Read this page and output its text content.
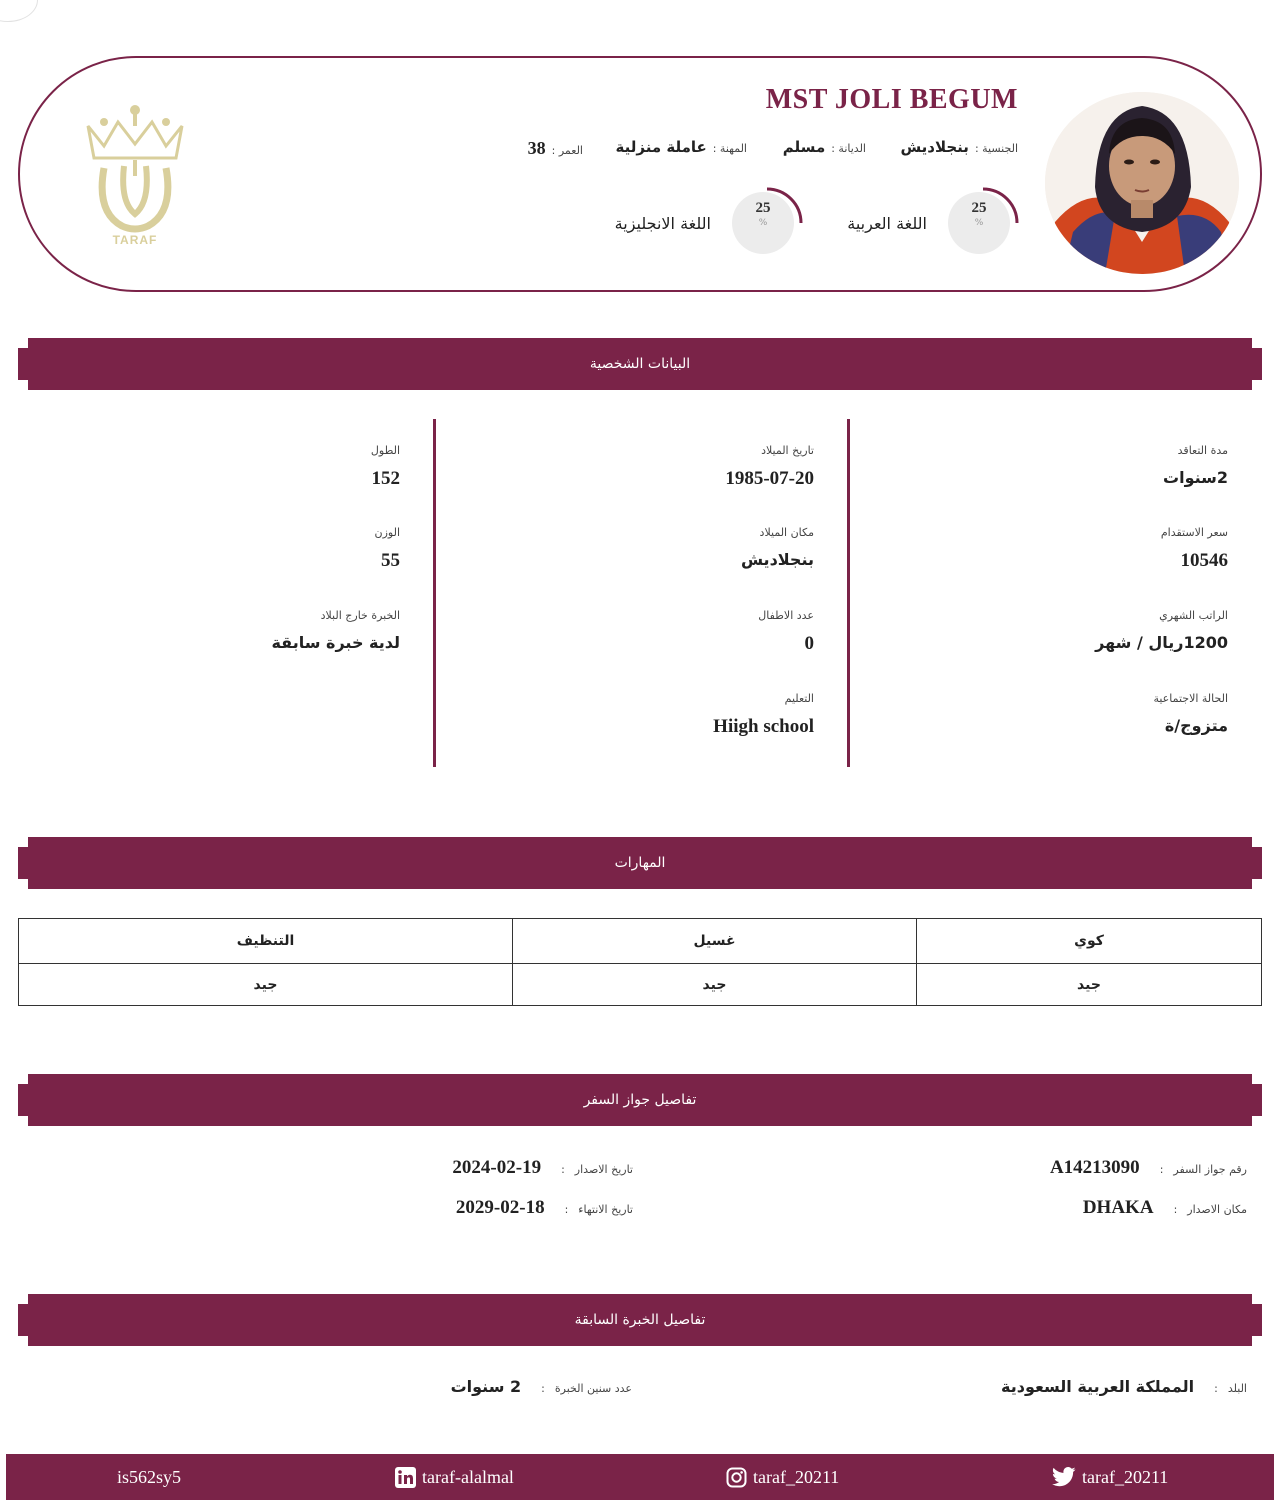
TARAF
MST JOLI BEGUM
الجنسية :
بنجلاديش
الديانة :
مسلم
المهنة :
عاملة منزلية
العمر :
38
25
%
اللغة العربية
25
%
اللغة الانجليزية
البيانات الشخصية
مدة التعاقد
2سنوات
سعر الاستقدام
10546
الراتب الشهري
1200ريال / شهر
الحالة الاجتماعية
متزوج/ة
تاريخ الميلاد
1985-07-20
مكان الميلاد
بنجلاديش
عدد الاطفال
0
التعليم
Hiigh school
الطول
152
الوزن
55
الخبرة خارج البلاد
لدية خبرة سابقة
المهارات
كوي	غسيل	التنظيف
جيد	جيد	جيد
تفاصيل جواز السفر
رقم جواز السفر
:
A14213090
مكان الاصدار
:
DHAKA
تاريخ الاصدار
:
2024-02-19
تاريخ الانتهاء
:
2029-02-18
تفاصيل الخبرة السابقة
البلد
:
المملكة العربية السعودية
عدد سنين الخبرة
:
2 سنوات
is562sy5	taraf-alalmal	taraf_20211	taraf_20211
